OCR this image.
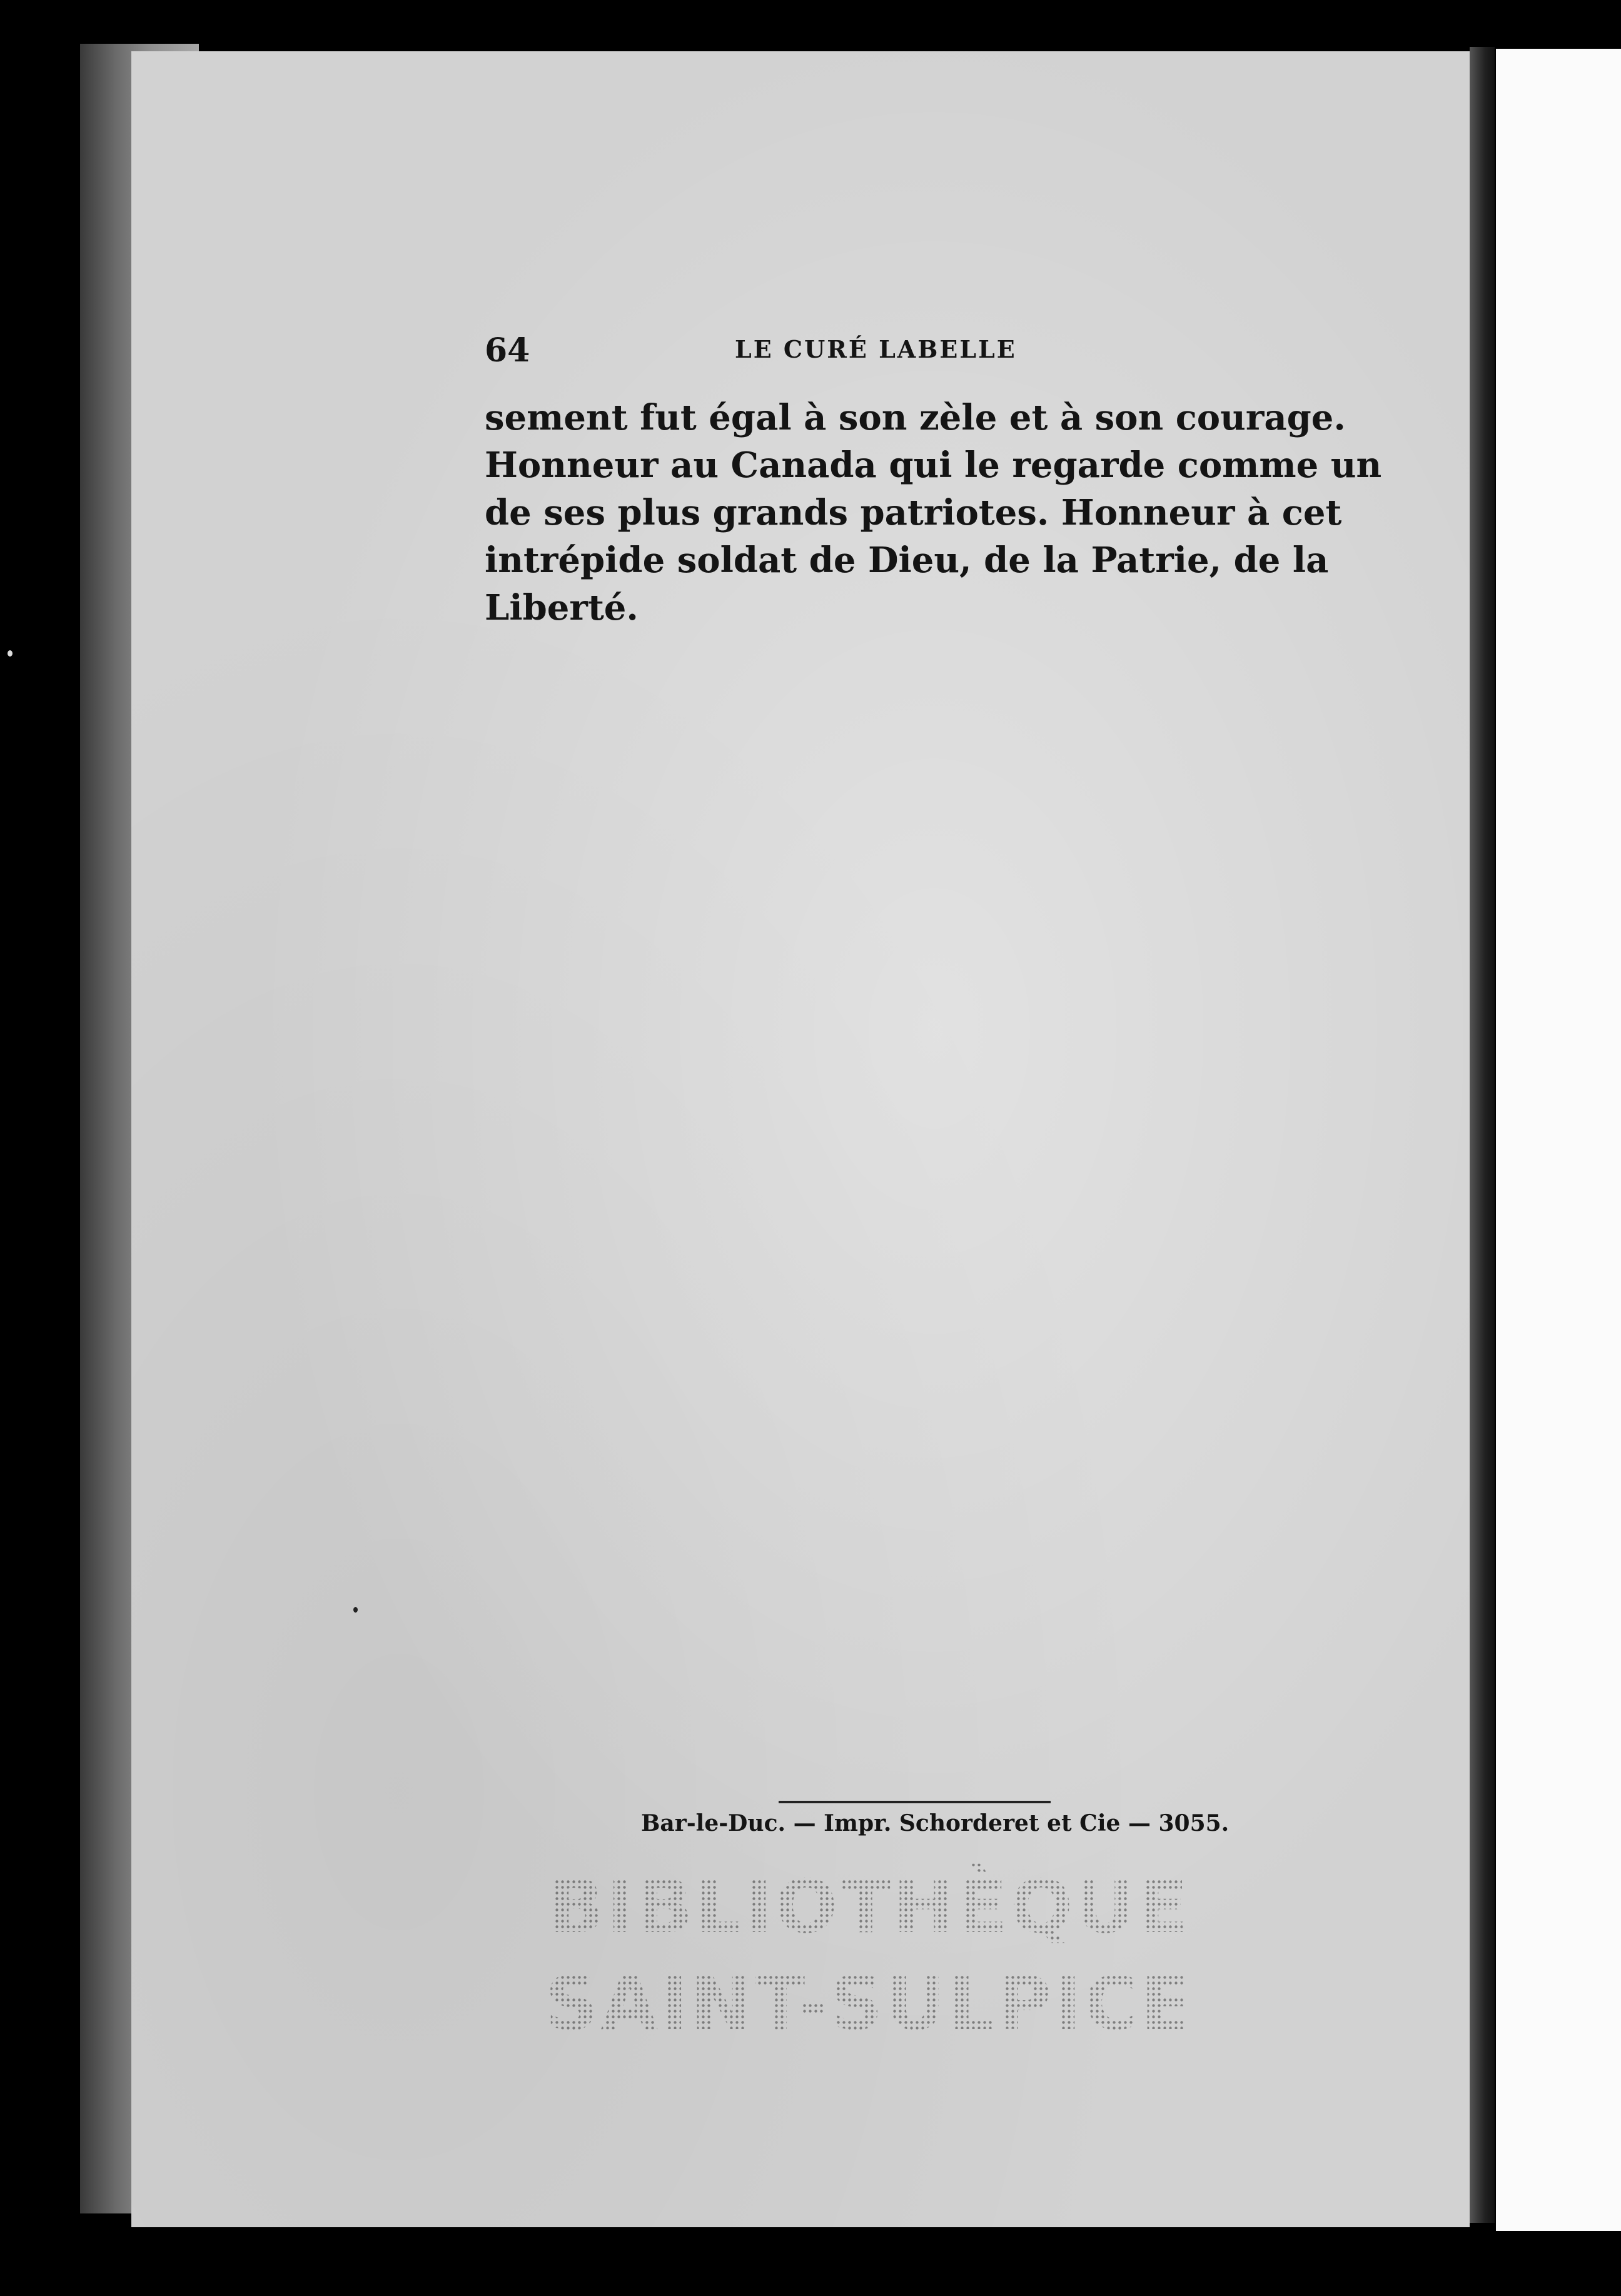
64	LE CURÉ LABELLE
sement fut égal à son zèle et à son courage.
Honneur au Canada qui le regarde comme un
de ses plus grands patriotes. Honneur à cet
intrépide soldat de Dieu, de la Patrie, de la
Liberté.
Bar-le-Duc. — Impr. Schorderet et Cie — 3055.
BIBLIOTHÈQUE
SAINT-SULPICE
